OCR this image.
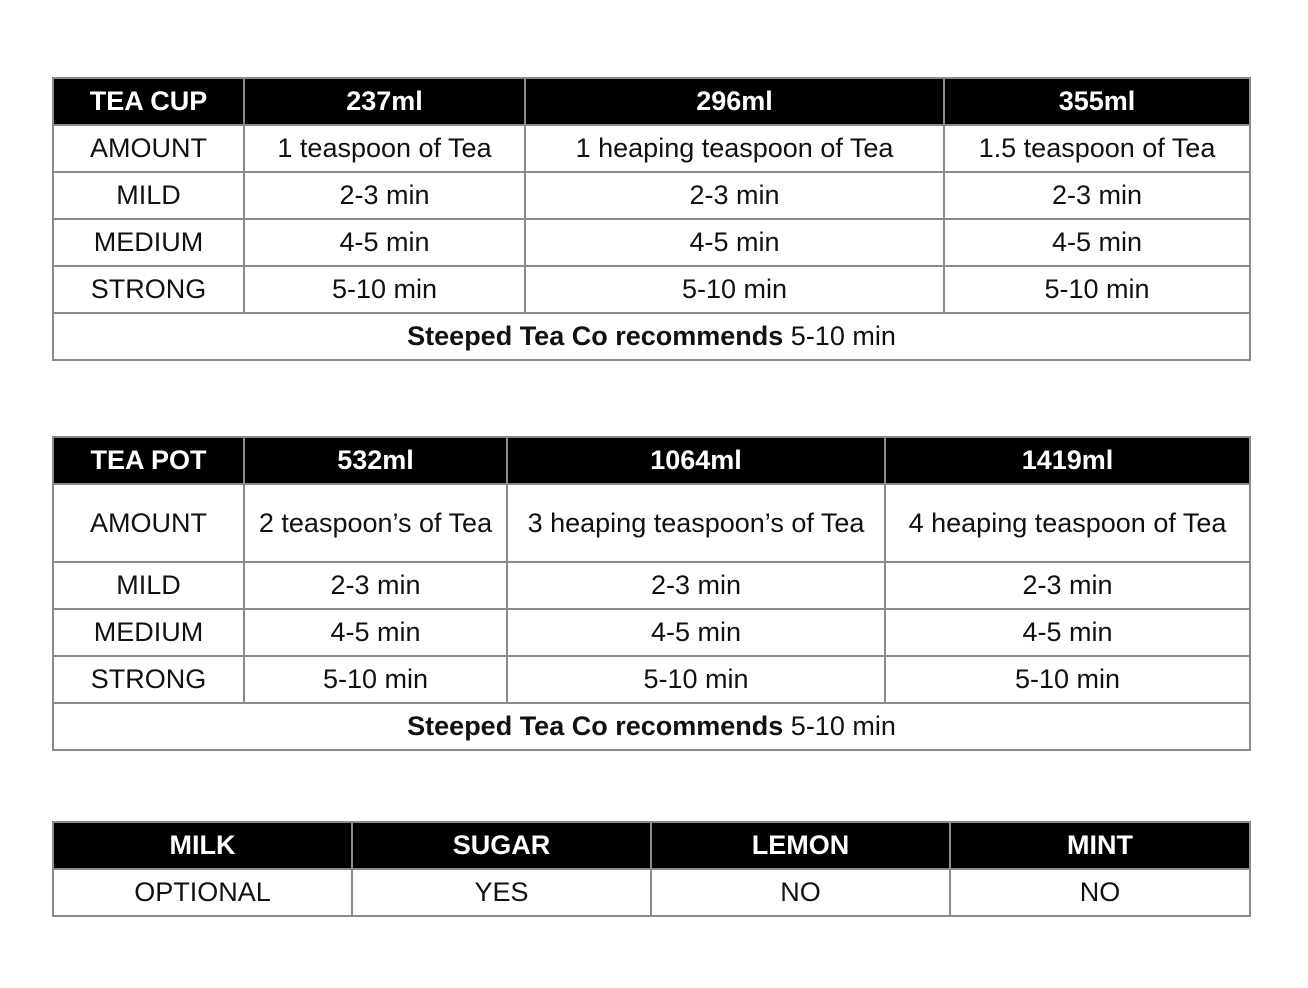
TEA CUP	237ml	296ml	355ml
AMOUNT	1 teaspoon of Tea	1 heaping teaspoon of Tea	1.5 teaspoon of Tea
MILD	2-3 min	2-3 min	2-3 min
MEDIUM	4-5 min	4-5 min	4-5 min
STRONG	5-10 min	5-10 min	5-10 min
Steeped Tea Co recommends 5-10 min			
TEA POT	532ml	1064ml	1419ml
AMOUNT	2 teaspoon’s of Tea	3 heaping teaspoon’s of Tea	4 heaping teaspoon of Tea
MILD	2-3 min	2-3 min	2-3 min
MEDIUM	4-5 min	4-5 min	4-5 min
STRONG	5-10 min	5-10 min	5-10 min
Steeped Tea Co recommends 5-10 min			
MILK	SUGAR	LEMON	MINT
OPTIONAL	YES	NO	NO
